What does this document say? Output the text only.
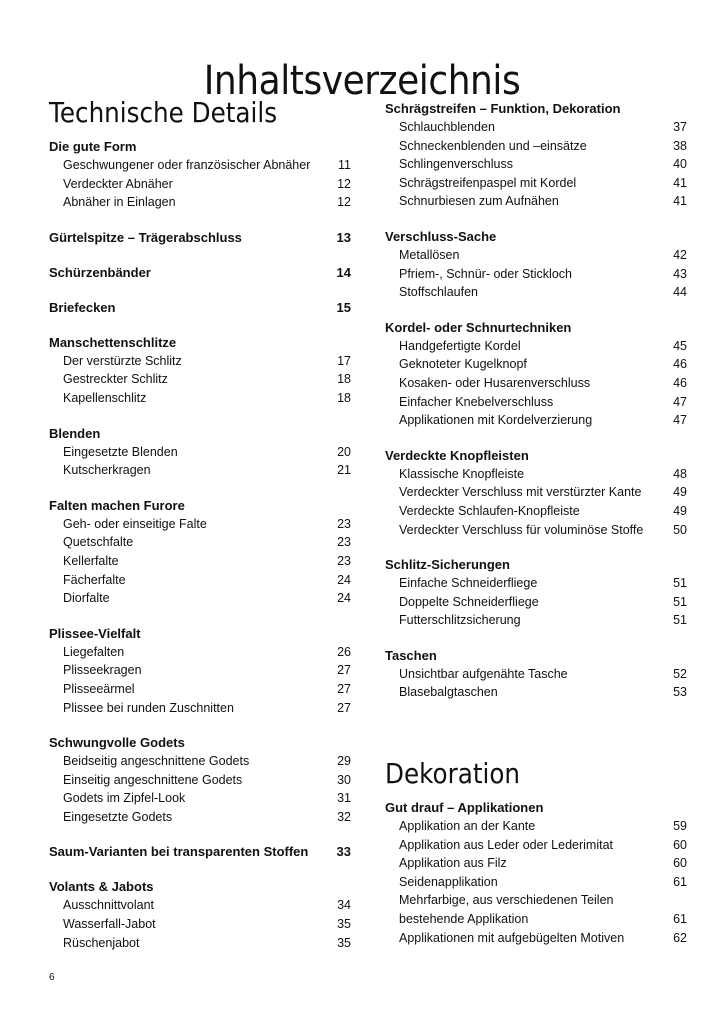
Inhaltsverzeichnis
Technische Details
Die gute Form
Geschwungener oder französischer Abnäher	11
Verdeckter Abnäher	12
Abnäher in Einlagen	12
Gürtelspitze – Trägerabschluss	13
Schürzenbänder	14
Briefecken	15
Manschettenschlitze
Der verstürzte Schlitz	17
Gestreckter Schlitz	18
Kapellenschlitz	18
Blenden
Eingesetzte Blenden	20
Kutscherkragen	21
Falten machen Furore
Geh- oder einseitige Falte	23
Quetschfalte	23
Kellerfalte	23
Fächerfalte	24
Diorfalte	24
Plissee-Vielfalt
Liegefalten	26
Plisseekragen	27
Plisseeärmel	27
Plissee bei runden Zuschnitten	27
Schwungvolle Godets
Beidseitig angeschnittene Godets	29
Einseitig angeschnittene Godets	30
Godets im Zipfel-Look	31
Eingesetzte Godets	32
Saum-Varianten bei transparenten Stoffen	33
Volants & Jabots
Ausschnittvolant	34
Wasserfall-Jabot	35
Rüschenjabot	35
Schrägstreifen – Funktion, Dekoration
Schlauchblenden	37
Schneckenblenden und –einsätze	38
Schlingenverschluss	40
Schrägstreifenpaspel mit Kordel	41
Schnurbiesen zum Aufnähen	41
Verschluss-Sache
Metallösen	42
Pfriem-, Schnür- oder Stickloch	43
Stoffschlaufen	44
Kordel- oder Schnurtechniken
Handgefertigte Kordel	45
Geknoteter Kugelknopf	46
Kosaken- oder Husarenverschluss	46
Einfacher Knebelverschluss	47
Applikationen mit Kordelverzierung	47
Verdeckte Knopfleisten
Klassische Knopfleiste	48
Verdeckter Verschluss mit verstürzter Kante	49
Verdeckte Schlaufen-Knopfleiste	49
Verdeckter Verschluss für voluminöse Stoffe	50
Schlitz-Sicherungen
Einfache Schneiderfliege	51
Doppelte Schneiderfliege	51
Futterschlitzsicherung	51
Taschen
Unsichtbar aufgenähte Tasche	52
Blasebalgtaschen	53
Dekoration
Gut drauf – Applikationen
Applikation an der Kante	59
Applikation aus Leder oder Lederimitat	60
Applikation aus Filz	60
Seidenapplikation	61
Mehrfarbige, aus verschiedenen Teilen
bestehende Applikation	61
Applikationen mit aufgebügelten Motiven	62
6
